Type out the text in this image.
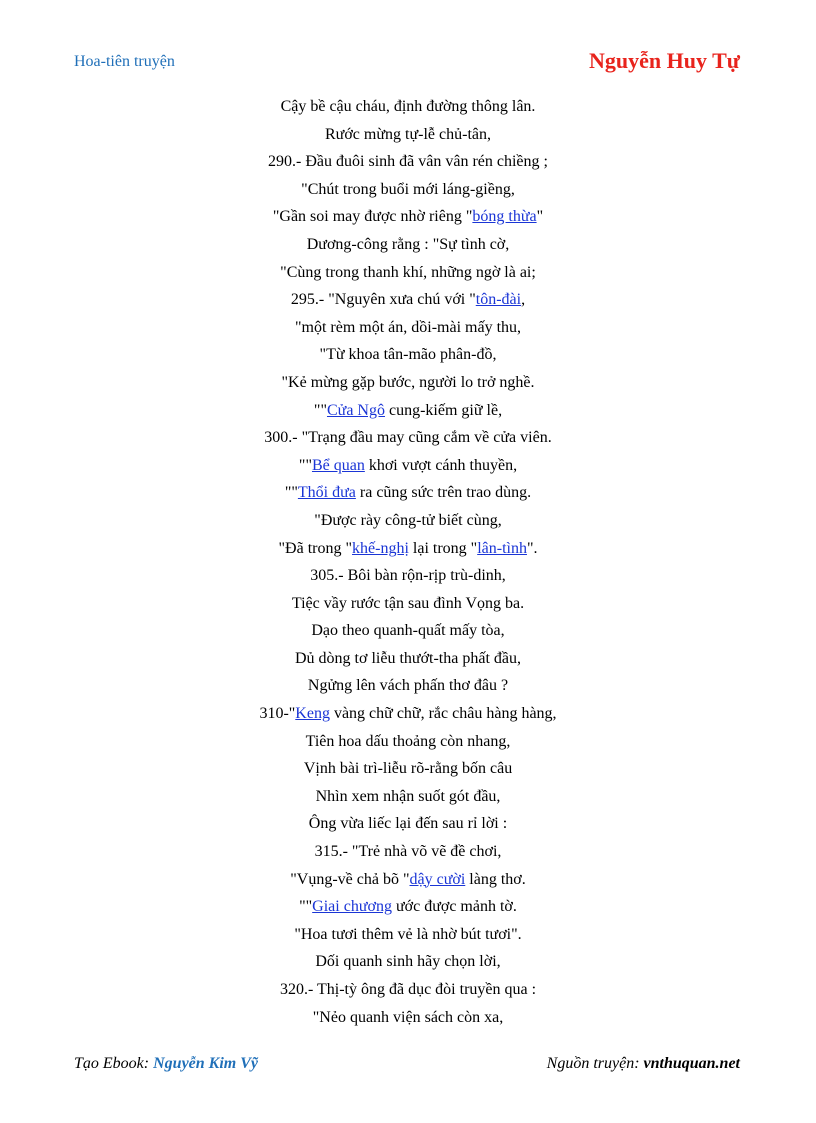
Hoa-tiên truyện	Nguyễn Huy Tự
Cậy bề cậu cháu, định đường thông lân.
Rước mừng tự-lễ chủ-tân,
290.- Đầu đuôi sinh đã vân vân rén chiềng ;
"Chút trong buổi mới láng-giềng,
"Gần soi may được nhờ riêng "bóng thừa"
Dương-công rằng : "Sự tình cờ,
"Cùng trong thanh khí, những ngờ là ai;
295.- "Nguyên xưa chú với "tôn-đài,
"một rèm một án, dồi-mài mấy thu,
"Từ khoa tân-mão phân-đồ,
"Kẻ mừng gặp bước, người lo trở nghề.
""Cửa Ngô cung-kiếm giữ lề,
300.- "Trạng đầu may cũng cắm về cửa viên.
""Bể quan khơi vượt cánh thuyền,
""Thổi đưa ra cũng sức trên trao dùng.
"Được rày công-tử biết cùng,
"Đã trong "khế-nghị lại trong "lân-tình".
305.- Bôi bàn rộn-rịp trù-dinh,
Tiệc vầy rước tận sau đình Vọng ba.
Dạo theo quanh-quất mấy tòa,
Dủ dòng tơ liễu thướt-tha phất đầu,
Ngửng lên vách phấn thơ đâu ?
310-"Keng vàng chữ chữ, rắc châu hàng hàng,
Tiên hoa dấu thoảng còn nhang,
Vịnh bài trì-liễu rõ-rằng bốn câu
Nhìn xem nhận suốt gót đầu,
Ông vừa liếc lại đến sau rỉ lời :
315.- "Trẻ nhà võ vẽ đề chơi,
"Vụng-về chả bõ "dậy cười làng thơ.
""Giai chương ước được mảnh tờ.
"Hoa tươi thêm vẻ là nhờ bút tươi".
Dối quanh sinh hãy chọn lời,
320.- Thị-tỳ ông đã dục đòi truyền qua :
"Nẻo quanh viện sách còn xa,
Tạo Ebook: Nguyễn Kim Vỹ	Nguồn truyện: vnthuquan.net
